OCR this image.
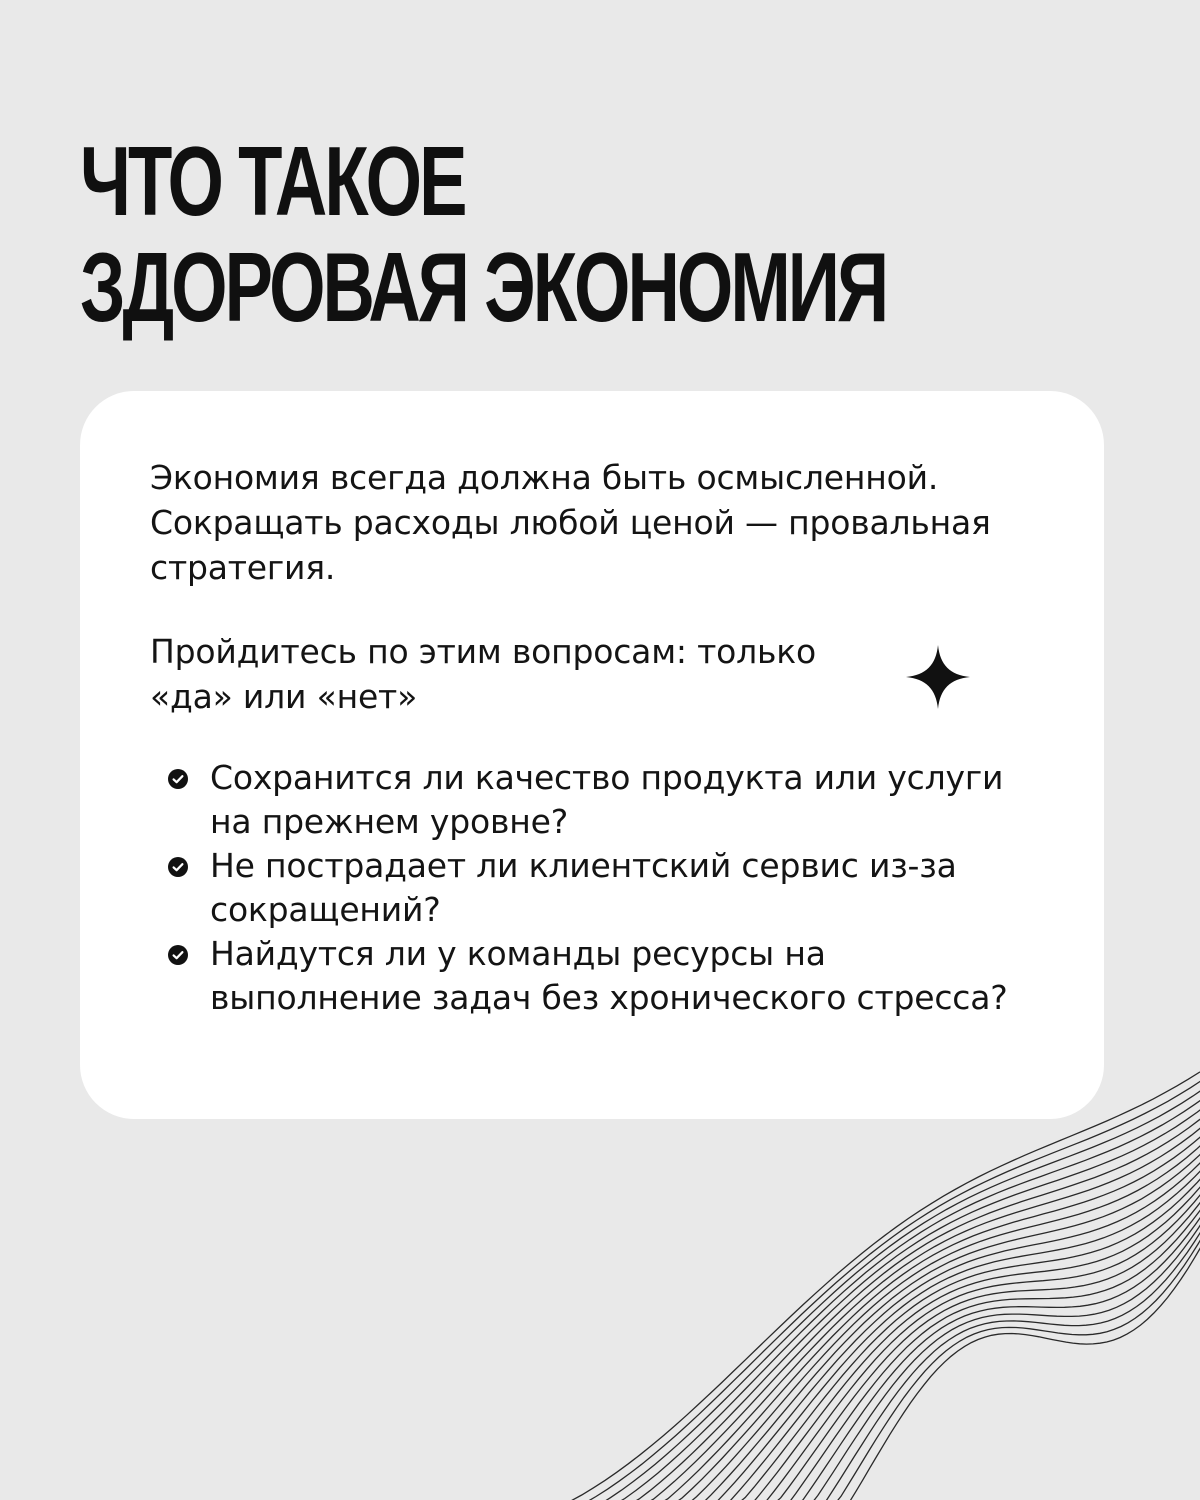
ЧТО ТАКОЕ
ЗДОРОВАЯ ЭКОНОМИЯ

Экономия всегда должна быть осмысленной. Сокращать расходы любой ценой — провальная стратегия.

Пройдитесь по этим вопросам: только «да» или «нет»

Сохранится ли качество продукта или услуги на прежнем уровне?
Не пострадает ли клиентский сервис из-за сокращений?
Найдутся ли у команды ресурсы на выполнение задач без хронического стресса?
